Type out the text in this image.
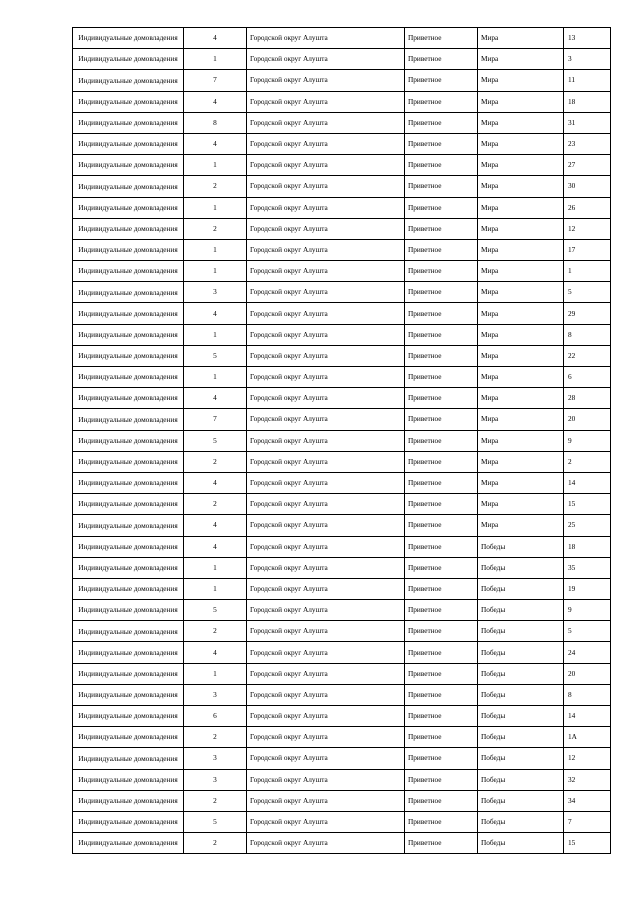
Индивидуальные домовладения	4	Городской округ Алушта	Приветное	Мира	13
Индивидуальные домовладения	1	Городской округ Алушта	Приветное	Мира	3
Индивидуальные домовладения	7	Городской округ Алушта	Приветное	Мира	11
Индивидуальные домовладения	4	Городской округ Алушта	Приветное	Мира	18
Индивидуальные домовладения	8	Городской округ Алушта	Приветное	Мира	31
Индивидуальные домовладения	4	Городской округ Алушта	Приветное	Мира	23
Индивидуальные домовладения	1	Городской округ Алушта	Приветное	Мира	27
Индивидуальные домовладения	2	Городской округ Алушта	Приветное	Мира	30
Индивидуальные домовладения	1	Городской округ Алушта	Приветное	Мира	26
Индивидуальные домовладения	2	Городской округ Алушта	Приветное	Мира	12
Индивидуальные домовладения	1	Городской округ Алушта	Приветное	Мира	17
Индивидуальные домовладения	1	Городской округ Алушта	Приветное	Мира	1
Индивидуальные домовладения	3	Городской округ Алушта	Приветное	Мира	5
Индивидуальные домовладения	4	Городской округ Алушта	Приветное	Мира	29
Индивидуальные домовладения	1	Городской округ Алушта	Приветное	Мира	8
Индивидуальные домовладения	5	Городской округ Алушта	Приветное	Мира	22
Индивидуальные домовладения	1	Городской округ Алушта	Приветное	Мира	6
Индивидуальные домовладения	4	Городской округ Алушта	Приветное	Мира	28
Индивидуальные домовладения	7	Городской округ Алушта	Приветное	Мира	20
Индивидуальные домовладения	5	Городской округ Алушта	Приветное	Мира	9
Индивидуальные домовладения	2	Городской округ Алушта	Приветное	Мира	2
Индивидуальные домовладения	4	Городской округ Алушта	Приветное	Мира	14
Индивидуальные домовладения	2	Городской округ Алушта	Приветное	Мира	15
Индивидуальные домовладения	4	Городской округ Алушта	Приветное	Мира	25
Индивидуальные домовладения	4	Городской округ Алушта	Приветное	Победы	18
Индивидуальные домовладения	1	Городской округ Алушта	Приветное	Победы	35
Индивидуальные домовладения	1	Городской округ Алушта	Приветное	Победы	19
Индивидуальные домовладения	5	Городской округ Алушта	Приветное	Победы	9
Индивидуальные домовладения	2	Городской округ Алушта	Приветное	Победы	5
Индивидуальные домовладения	4	Городской округ Алушта	Приветное	Победы	24
Индивидуальные домовладения	1	Городской округ Алушта	Приветное	Победы	20
Индивидуальные домовладения	3	Городской округ Алушта	Приветное	Победы	8
Индивидуальные домовладения	6	Городской округ Алушта	Приветное	Победы	14
Индивидуальные домовладения	2	Городской округ Алушта	Приветное	Победы	1А
Индивидуальные домовладения	3	Городской округ Алушта	Приветное	Победы	12
Индивидуальные домовладения	3	Городской округ Алушта	Приветное	Победы	32
Индивидуальные домовладения	2	Городской округ Алушта	Приветное	Победы	34
Индивидуальные домовладения	5	Городской округ Алушта	Приветное	Победы	7
Индивидуальные домовладения	2	Городской округ Алушта	Приветное	Победы	15
